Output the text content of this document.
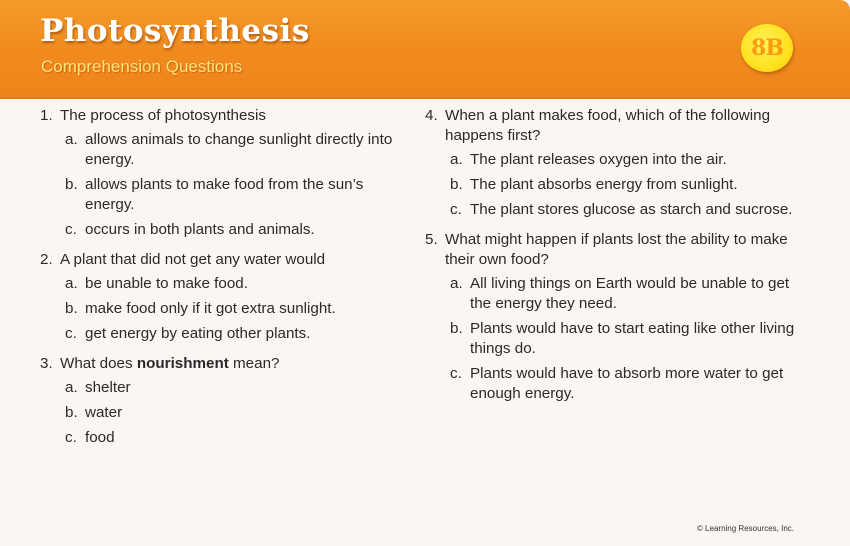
Photosynthesis
Comprehension Questions
8B
1. The process of photosynthesis
a. allows animals to change sunlight directly into energy.
b. allows plants to make food from the sun’s energy.
c. occurs in both plants and animals.
2. A plant that did not get any water would
a. be unable to make food.
b. make food only if it got extra sunlight.
c. get energy by eating other plants.
3. What does nourishment mean?
a. shelter
b. water
c. food
4. When a plant makes food, which of the following happens first?
a. The plant releases oxygen into the air.
b. The plant absorbs energy from sunlight.
c. The plant stores glucose as starch and sucrose.
5. What might happen if plants lost the ability to make their own food?
a. All living things on Earth would be unable to get the energy they need.
b. Plants would have to start eating like other living things do.
c. Plants would have to absorb more water to get enough energy.
© Learning Resources, Inc.
